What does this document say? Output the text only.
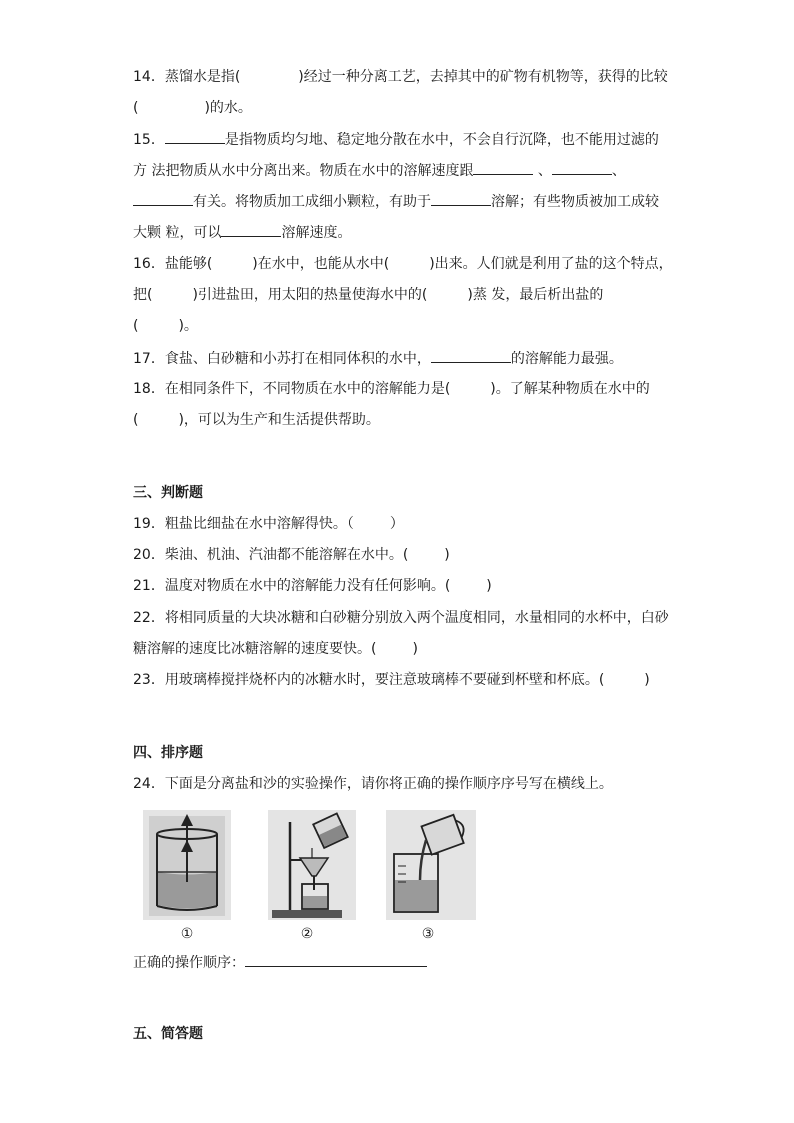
14．蒸馏水是指(	)经过一种分离工艺，去掉其中的矿物有机物等，获得的比较
(	)的水。
15．	是指物质均匀地、稳定地分散在水中，不会自行沉降，也不能用过滤的
方 法把物质从水中分离出来。物质在水中的溶解速度跟	、	、
有关。将物质加工成细小颗粒，有助于	溶解；有些物质被加工成较
大颗 粒，可以	溶解速度。
16．盐能够(	)在水中，也能从水中(	)出来。人们就是利用了盐的这个特点，
把(	)引进盐田，用太阳的热量使海水中的(	)蒸 发，最后析出盐的
(	)。
17．食盐、白砂糖和小苏打在相同体积的水中，	的溶解能力最强。
18．在相同条件下，不同物质在水中的溶解能力是(	)。了解某种物质在水中的
(	)，可以为生产和生活提供帮助。
三、判断题
19．粗盐比细盐在水中溶解得快。（	）
20．柴油、机油、汽油都不能溶解在水中。(	)
21．温度对物质在水中的溶解能力没有任何影响。(	)
22．将相同质量的大块冰糖和白砂糖分别放入两个温度相同，水量相同的水杯中，白砂
糖溶解的速度比冰糖溶解的速度要快。(	)
23．用玻璃棒搅拌烧杯内的冰糖水时，要注意玻璃棒不要碰到杯壁和杯底。(	)
四、排序题
24．下面是分离盐和沙的实验操作，请你将正确的操作顺序序号写在横线上。
①	②	③
正确的操作顺序：
五、简答题
